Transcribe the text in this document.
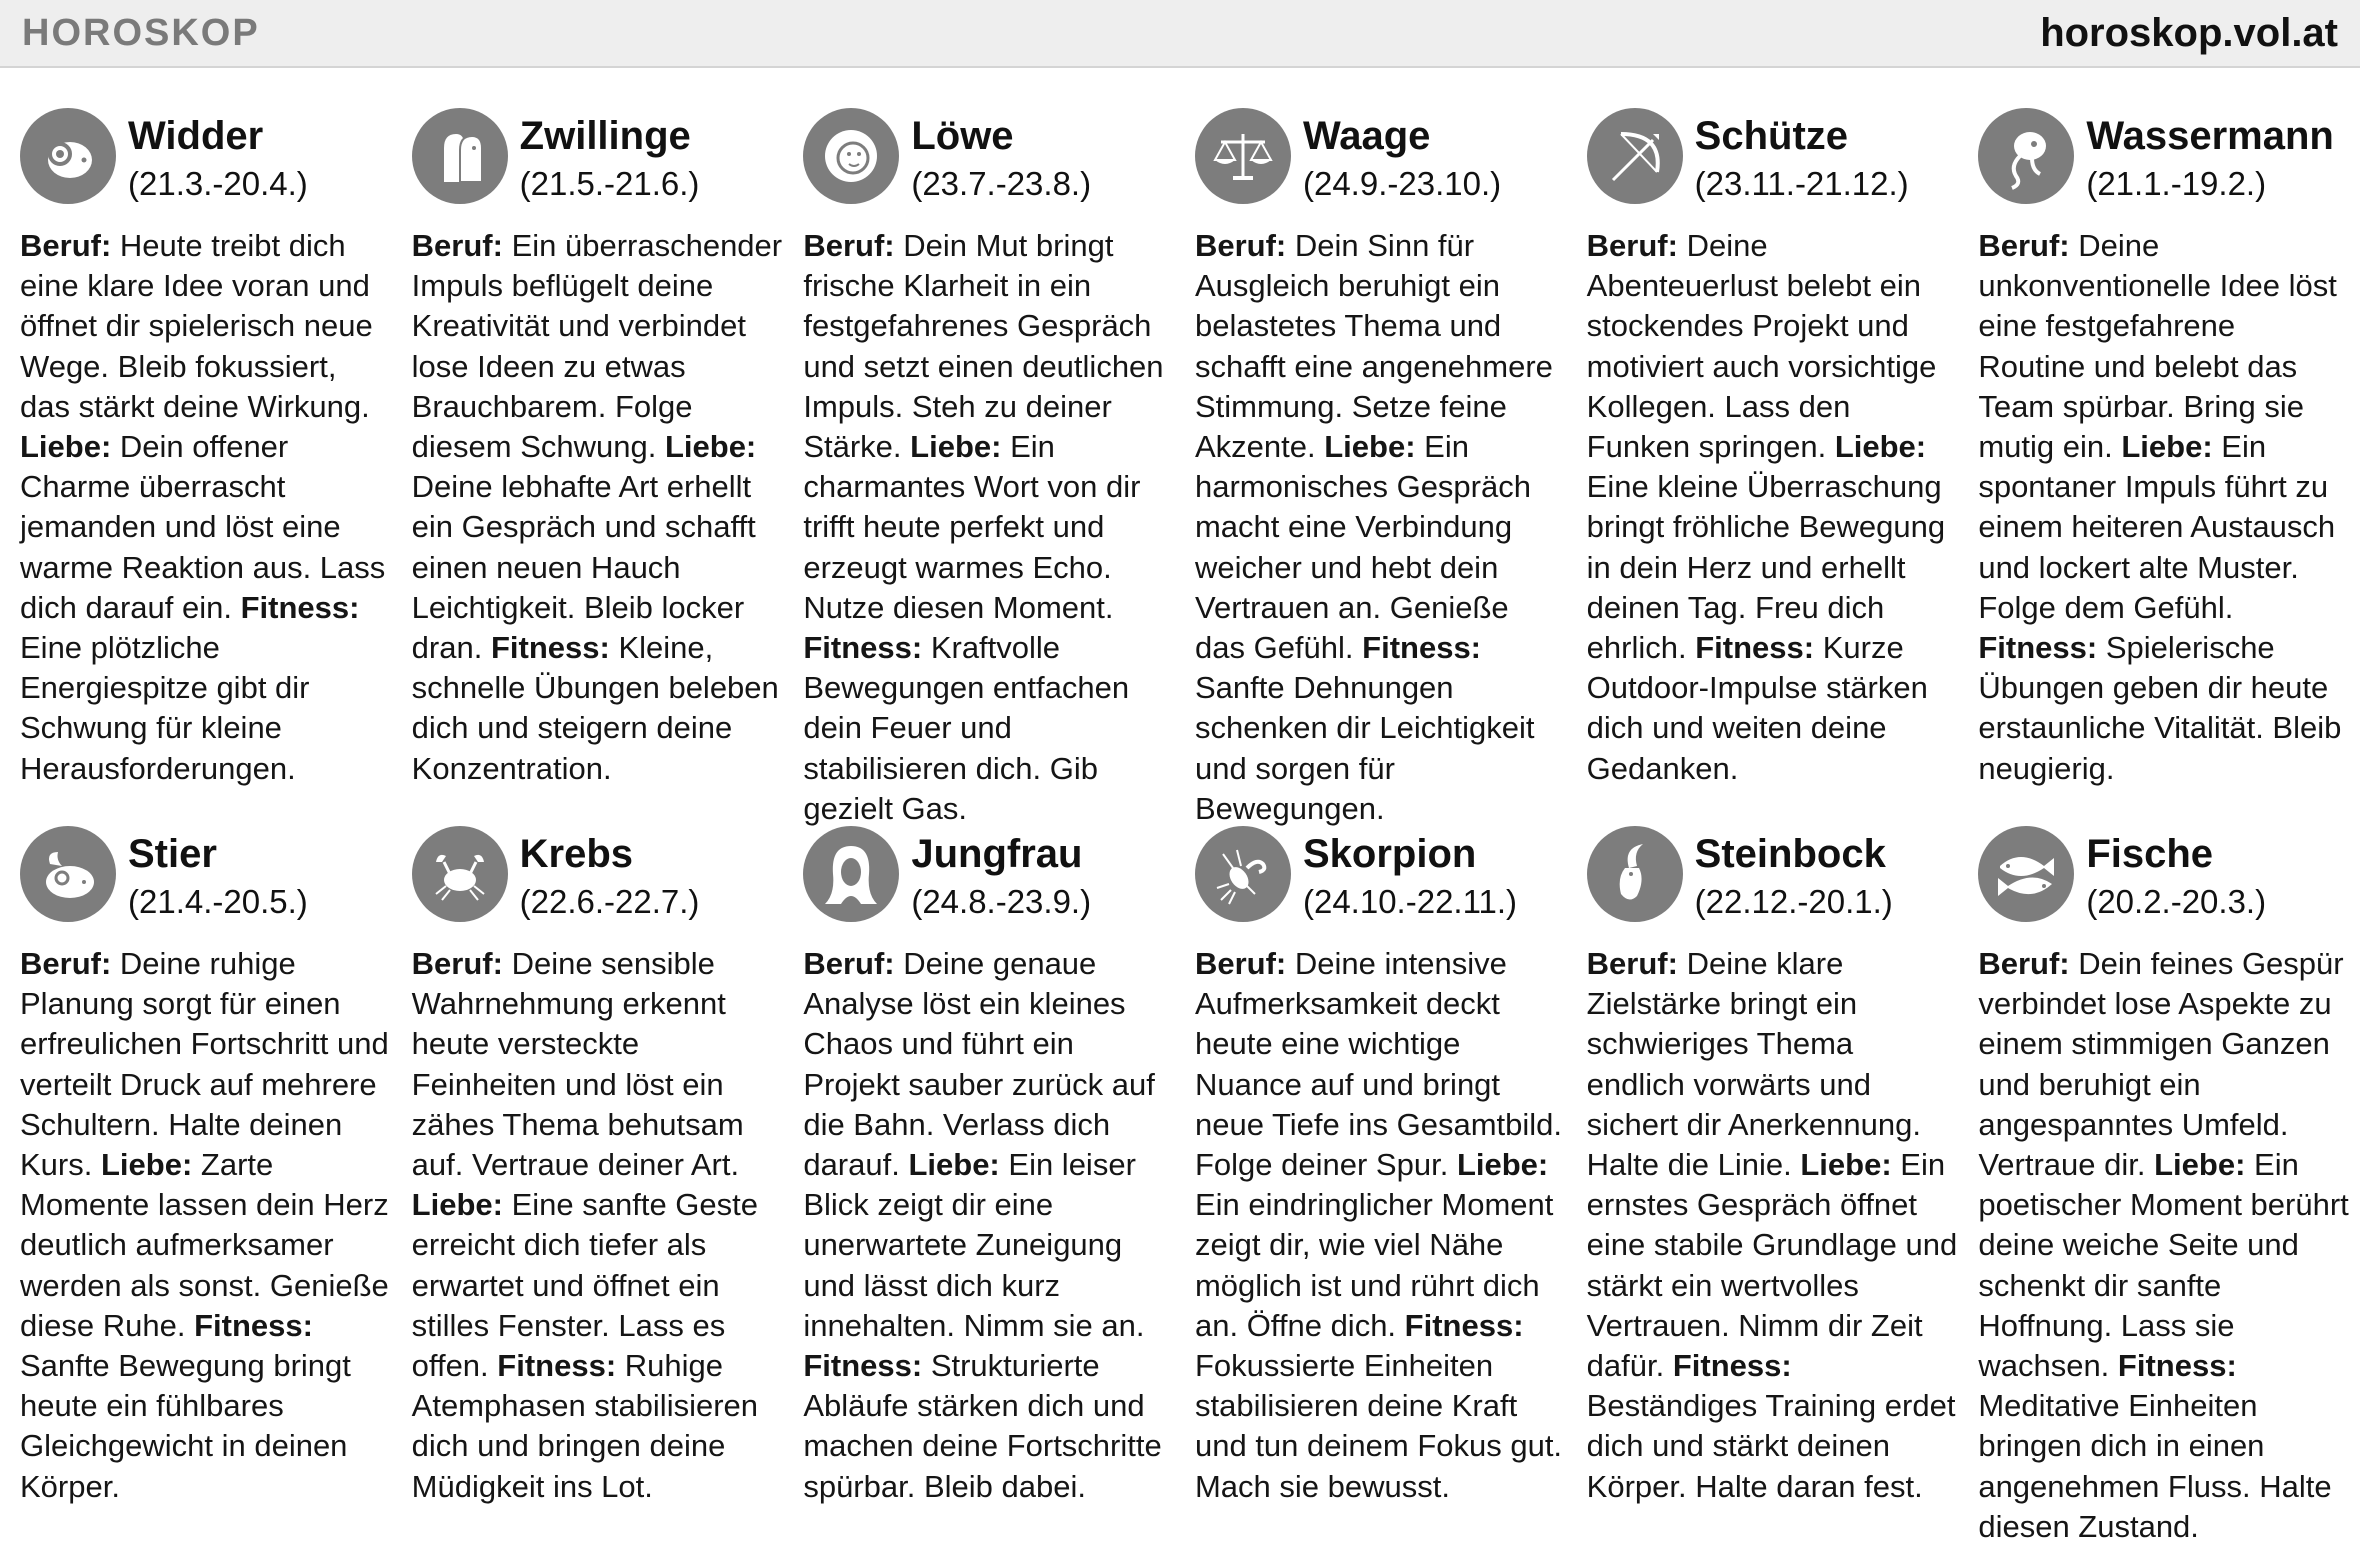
HOROSKOP	horoskop.vol.at
Widder
(21.3.-20.4.)

Beruf: Heute treibt dich eine klare Idee voran und öffnet dir spielerisch neue Wege. Bleib fokussiert, das stärkt deine Wirkung. Liebe: Dein offener Charme überrascht jemanden und löst eine warme Reaktion aus. Lass dich darauf ein. Fitness: Eine plötzliche Energiespitze gibt dir Schwung für kleine Herausforderungen.

Zwillinge
(21.5.-21.6.)

Beruf: Ein überraschender Impuls beflügelt deine Kreativität und verbindet lose Ideen zu etwas Brauchbarem. Folge diesem Schwung. Liebe: Deine lebhafte Art erhellt ein Gespräch und schafft einen neuen Hauch Leichtigkeit. Bleib locker dran. Fitness: Kleine, schnelle Übungen beleben dich und steigern deine Konzentration.

Löwe
(23.7.-23.8.)

Beruf: Dein Mut bringt frische Klarheit in ein festgefahrenes Gespräch und setzt einen deutlichen Impuls. Steh zu deiner Stärke. Liebe: Ein charmantes Wort von dir trifft heute perfekt und erzeugt warmes Echo. Nutze diesen Moment. Fitness: Kraftvolle Bewegungen entfachen dein Feuer und stabilisieren dich. Gib gezielt Gas.

Waage
(24.9.-23.10.)

Beruf: Dein Sinn für Ausgleich beruhigt ein belastetes Thema und schafft eine angenehmere Stimmung. Setze feine Akzente. Liebe: Ein harmonisches Gespräch macht eine Verbindung weicher und hebt dein Vertrauen an. Genieße das Gefühl. Fitness: Sanfte Dehnungen schenken dir Leichtigkeit und sorgen für Bewegungen.

Schütze
(23.11.-21.12.)

Beruf: Deine Abenteuerlust belebt ein stockendes Projekt und motiviert auch vorsichtige Kollegen. Lass den Funken springen. Liebe: Eine kleine Überraschung bringt fröhliche Bewegung in dein Herz und erhellt deinen Tag. Freu dich ehrlich. Fitness: Kurze Outdoor-Impulse stärken dich und weiten deine Gedanken.

Wassermann
(21.1.-19.2.)

Beruf: Deine unkonventionelle Idee löst eine festgefahrene Routine und belebt das Team spürbar. Bring sie mutig ein. Liebe: Ein spontaner Impuls führt zu einem heiteren Austausch und lockert alte Muster. Folge dem Gefühl. Fitness: Spielerische Übungen geben dir heute erstaunliche Vitalität. Bleib neugierig.

Stier
(21.4.-20.5.)

Beruf: Deine ruhige Planung sorgt für einen erfreulichen Fortschritt und verteilt Druck auf mehrere Schultern. Halte deinen Kurs. Liebe: Zarte Momente lassen dein Herz deutlich aufmerksamer werden als sonst. Genieße diese Ruhe. Fitness: Sanfte Bewegung bringt heute ein fühlbares Gleichgewicht in deinen Körper.

Krebs
(22.6.-22.7.)

Beruf: Deine sensible Wahrnehmung erkennt heute versteckte Feinheiten und löst ein zähes Thema behutsam auf. Vertraue deiner Art. Liebe: Eine sanfte Geste erreicht dich tiefer als erwartet und öffnet ein stilles Fenster. Lass es offen. Fitness: Ruhige Atemphasen stabilisieren dich und bringen deine Müdigkeit ins Lot.

Jungfrau
(24.8.-23.9.)

Beruf: Deine genaue Analyse löst ein kleines Chaos und führt ein Projekt sauber zurück auf die Bahn. Verlass dich darauf. Liebe: Ein leiser Blick zeigt dir eine unerwartete Zuneigung und lässt dich kurz innehalten. Nimm sie an. Fitness: Strukturierte Abläufe stärken dich und machen deine Fortschritte spürbar. Bleib dabei.

Skorpion
(24.10.-22.11.)

Beruf: Deine intensive Aufmerksamkeit deckt heute eine wichtige Nuance auf und bringt neue Tiefe ins Gesamtbild. Folge deiner Spur. Liebe: Ein eindringlicher Moment zeigt dir, wie viel Nähe möglich ist und rührt dich an. Öffne dich. Fitness: Fokussierte Einheiten stabilisieren deine Kraft und tun deinem Fokus gut. Mach sie bewusst.

Steinbock
(22.12.-20.1.)

Beruf: Deine klare Zielstärke bringt ein schwieriges Thema endlich vorwärts und sichert dir Anerkennung. Halte die Linie. Liebe: Ein ernstes Gespräch öffnet eine stabile Grundlage und stärkt ein wertvolles Vertrauen. Nimm dir Zeit dafür. Fitness: Beständiges Training erdet dich und stärkt deinen Körper. Halte daran fest.

Fische
(20.2.-20.3.)

Beruf: Dein feines Gespür verbindet lose Aspekte zu einem stimmigen Ganzen und beruhigt ein angespanntes Umfeld. Vertraue dir. Liebe: Ein poetischer Moment berührt deine weiche Seite und schenkt dir sanfte Hoffnung. Lass sie wachsen. Fitness: Meditative Einheiten bringen dich in einen angenehmen Fluss. Halte diesen Zustand.
